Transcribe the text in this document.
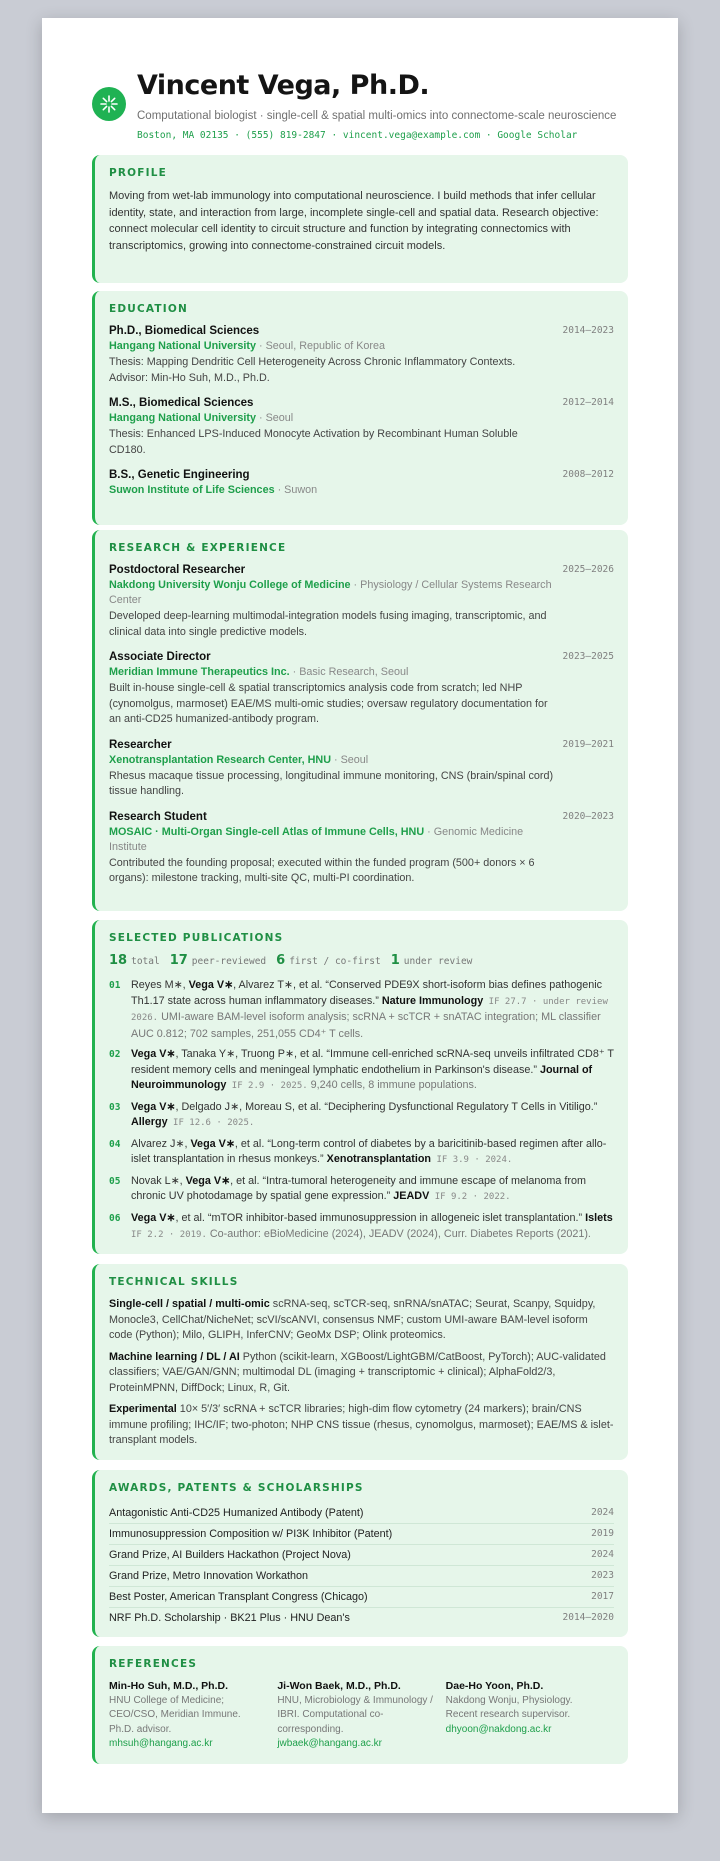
Vincent Vega, Ph.D.
Computational biologist · single-cell & spatial multi-omics into connectome-scale neuroscience
Boston, MA 02135 · (555) 819-2847 · vincent.vega@example.com · Google Scholar
PROFILE
Moving from wet-lab immunology into computational neuroscience. I build methods that infer cellular identity, state, and interaction from large, incomplete single-cell and spatial data. Research objective: connect molecular cell identity to circuit structure and function by integrating connectomics with transcriptomics, growing into connectome-constrained circuit models.
EDUCATION
Ph.D., Biomedical Sciences	2014–2023
Hangang National University · Seoul, Republic of Korea
Thesis: Mapping Dendritic Cell Heterogeneity Across Chronic Inflammatory Contexts. Advisor: Min-Ho Suh, M.D., Ph.D.
M.S., Biomedical Sciences	2012–2014
Hangang National University · Seoul
Thesis: Enhanced LPS-Induced Monocyte Activation by Recombinant Human Soluble CD180.
B.S., Genetic Engineering	2008–2012
Suwon Institute of Life Sciences · Suwon
RESEARCH & EXPERIENCE
Postdoctoral Researcher	2025–2026
Nakdong University Wonju College of Medicine · Physiology / Cellular Systems Research Center
Developed deep-learning multimodal-integration models fusing imaging, transcriptomic, and clinical data into single predictive models.
Associate Director	2023–2025
Meridian Immune Therapeutics Inc. · Basic Research, Seoul
Built in-house single-cell & spatial transcriptomics analysis code from scratch; led NHP (cynomolgus, marmoset) EAE/MS multi-omic studies; oversaw regulatory documentation for an anti-CD25 humanized-antibody program.
Researcher	2019–2021
Xenotransplantation Research Center, HNU · Seoul
Rhesus macaque tissue processing, longitudinal immune monitoring, CNS (brain/spinal cord) tissue handling.
Research Student	2020–2023
MOSAIC · Multi-Organ Single-cell Atlas of Immune Cells, HNU · Genomic Medicine Institute
Contributed the founding proposal; executed within the funded program (500+ donors × 6 organs): milestone tracking, multi-site QC, multi-PI coordination.
SELECTED PUBLICATIONS
18 total 17 peer-reviewed 6 first / co-first 1 under review
01 Reyes M∗, Vega V∗, Alvarez T∗, et al. “Conserved PDE9X short-isoform bias defines pathogenic Th1.17 state across human inflammatory diseases.” Nature Immunology IF 27.7 · under review 2026. UMI-aware BAM-level isoform analysis; scRNA + scTCR + snATAC integration; ML classifier AUC 0.812; 702 samples, 251,055 CD4⁺ T cells.
02 Vega V∗, Tanaka Y∗, Truong P∗, et al. “Immune cell-enriched scRNA-seq unveils infiltrated CD8⁺ T resident memory cells and meningeal lymphatic endothelium in Parkinson's disease.” Journal of Neuroimmunology IF 2.9 · 2025. 9,240 cells, 8 immune populations.
03 Vega V∗, Delgado J∗, Moreau S, et al. “Deciphering Dysfunctional Regulatory T Cells in Vitiligo.” Allergy IF 12.6 · 2025.
04 Alvarez J∗, Vega V∗, et al. “Long-term control of diabetes by a baricitinib-based regimen after allo-islet transplantation in rhesus monkeys.” Xenotransplantation IF 3.9 · 2024.
05 Novak L∗, Vega V∗, et al. “Intra-tumoral heterogeneity and immune escape of melanoma from chronic UV photodamage by spatial gene expression.” JEADV IF 9.2 · 2022.
06 Vega V∗, et al. “mTOR inhibitor-based immunosuppression in allogeneic islet transplantation.” Islets IF 2.2 · 2019. Co-author: eBioMedicine (2024), JEADV (2024), Curr. Diabetes Reports (2021).
TECHNICAL SKILLS
Single-cell / spatial / multi-omic scRNA-seq, scTCR-seq, snRNA/snATAC; Seurat, Scanpy, Squidpy, Monocle3, CellChat/NicheNet; scVI/scANVI, consensus NMF; custom UMI-aware BAM-level isoform code (Python); Milo, GLIPH, InferCNV; GeoMx DSP; Olink proteomics.
Machine learning / DL / AI Python (scikit-learn, XGBoost/LightGBM/CatBoost, PyTorch); AUC-validated classifiers; VAE/GAN/GNN; multimodal DL (imaging + transcriptomic + clinical); AlphaFold2/3, ProteinMPNN, DiffDock; Linux, R, Git.
Experimental 10× 5′/3′ scRNA + scTCR libraries; high-dim flow cytometry (24 markers); brain/CNS immune profiling; IHC/IF; two-photon; NHP CNS tissue (rhesus, cynomolgus, marmoset); EAE/MS & islet-transplant models.
AWARDS, PATENTS & SCHOLARSHIPS
Antagonistic Anti-CD25 Humanized Antibody (Patent)	2024
Immunosuppression Composition w/ PI3K Inhibitor (Patent)	2019
Grand Prize, AI Builders Hackathon (Project Nova)	2024
Grand Prize, Metro Innovation Workathon	2023
Best Poster, American Transplant Congress (Chicago)	2017
NRF Ph.D. Scholarship · BK21 Plus · HNU Dean's	2014–2020
REFERENCES
Min-Ho Suh, M.D., Ph.D.
HNU College of Medicine; CEO/CSO, Meridian Immune. Ph.D. advisor.
mhsuh@hangang.ac.kr
Ji-Won Baek, M.D., Ph.D.
HNU, Microbiology & Immunology / IBRI. Computational co-corresponding.
jwbaek@hangang.ac.kr
Dae-Ho Yoon, Ph.D.
Nakdong Wonju, Physiology. Recent research supervisor.
dhyoon@nakdong.ac.kr
